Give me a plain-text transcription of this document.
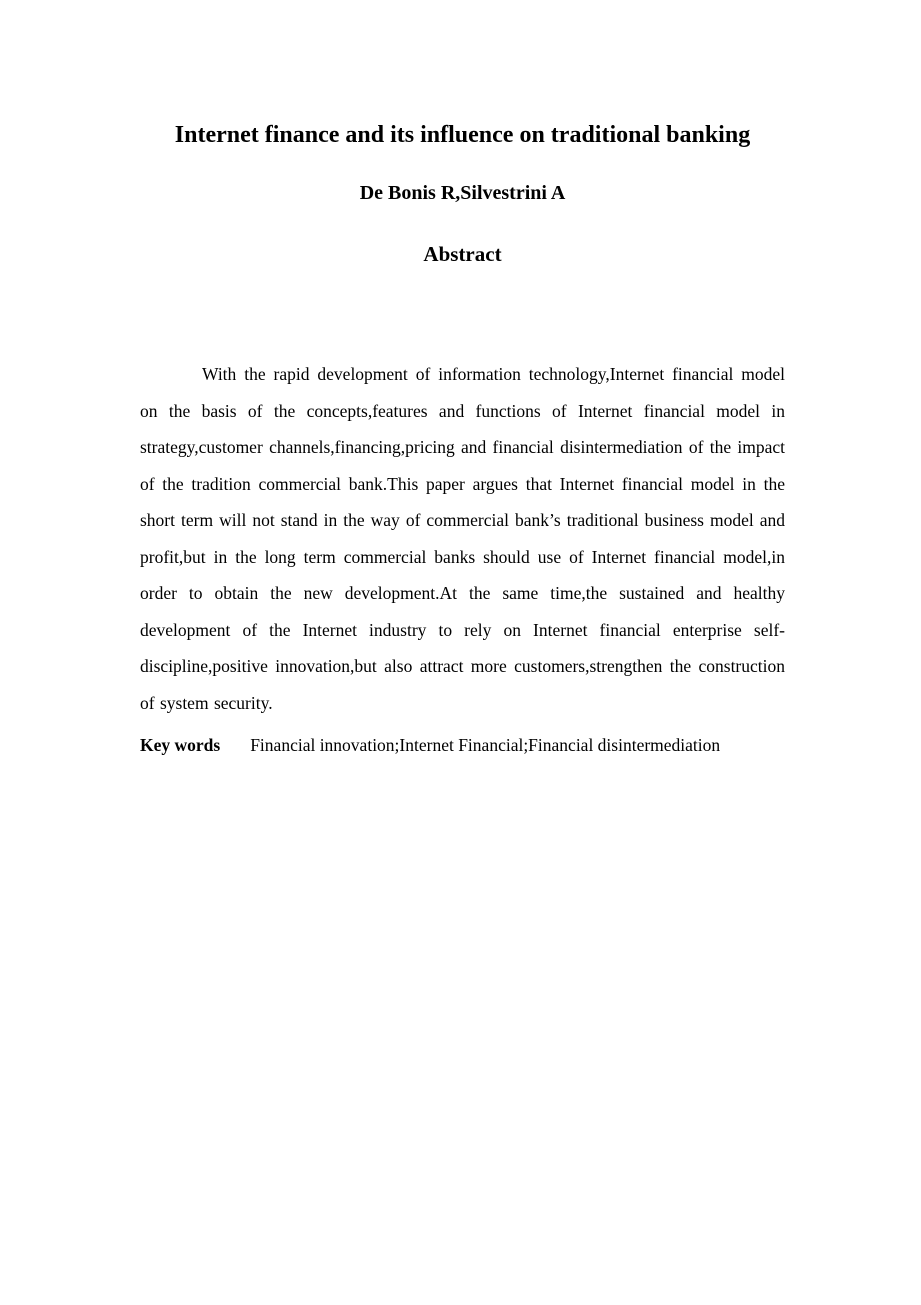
Internet finance and its influence on traditional banking

De Bonis R,Silvestrini A

Abstract

With the rapid development of information technology,Internet financial model on the basis of the concepts,features and functions of Internet financial model in strategy,customer channels,financing,pricing and financial disintermediation of the impact of the tradition commercial bank.This paper argues that Internet financial model in the short term will not stand in the way of commercial bank’s traditional business model and profit,but in the long term commercial banks should use of Internet financial model,in order to obtain the new development.At the same time,the sustained and healthy development of the Internet industry to rely on Internet financial enterprise self-discipline,positive innovation,but also attract more customers,strengthen the construction of system security.

Key words Financial innovation;Internet Financial;Financial disintermediation
